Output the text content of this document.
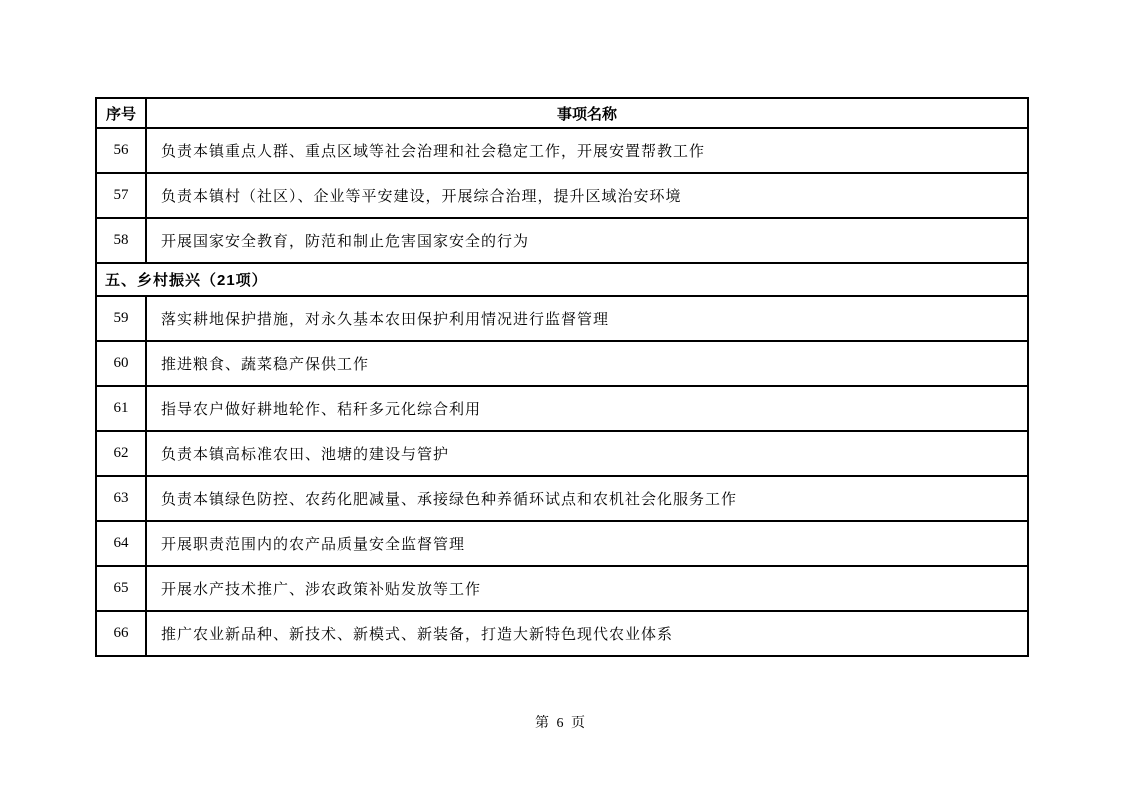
序号	事项名称
56	负责本镇重点人群、重点区域等社会治理和社会稳定工作，开展安置帮教工作
57	负责本镇村（社区）、企业等平安建设，开展综合治理，提升区域治安环境
58	开展国家安全教育，防范和制止危害国家安全的行为
五、乡村振兴（21项）	
59	落实耕地保护措施，对永久基本农田保护利用情况进行监督管理
60	推进粮食、蔬菜稳产保供工作
61	指导农户做好耕地轮作、秸秆多元化综合利用
62	负责本镇高标准农田、池塘的建设与管护
63	负责本镇绿色防控、农药化肥减量、承接绿色种养循环试点和农机社会化服务工作
64	开展职责范围内的农产品质量安全监督管理
65	开展水产技术推广、涉农政策补贴发放等工作
66	推广农业新品种、新技术、新模式、新装备，打造大新特色现代农业体系
第 6 页
